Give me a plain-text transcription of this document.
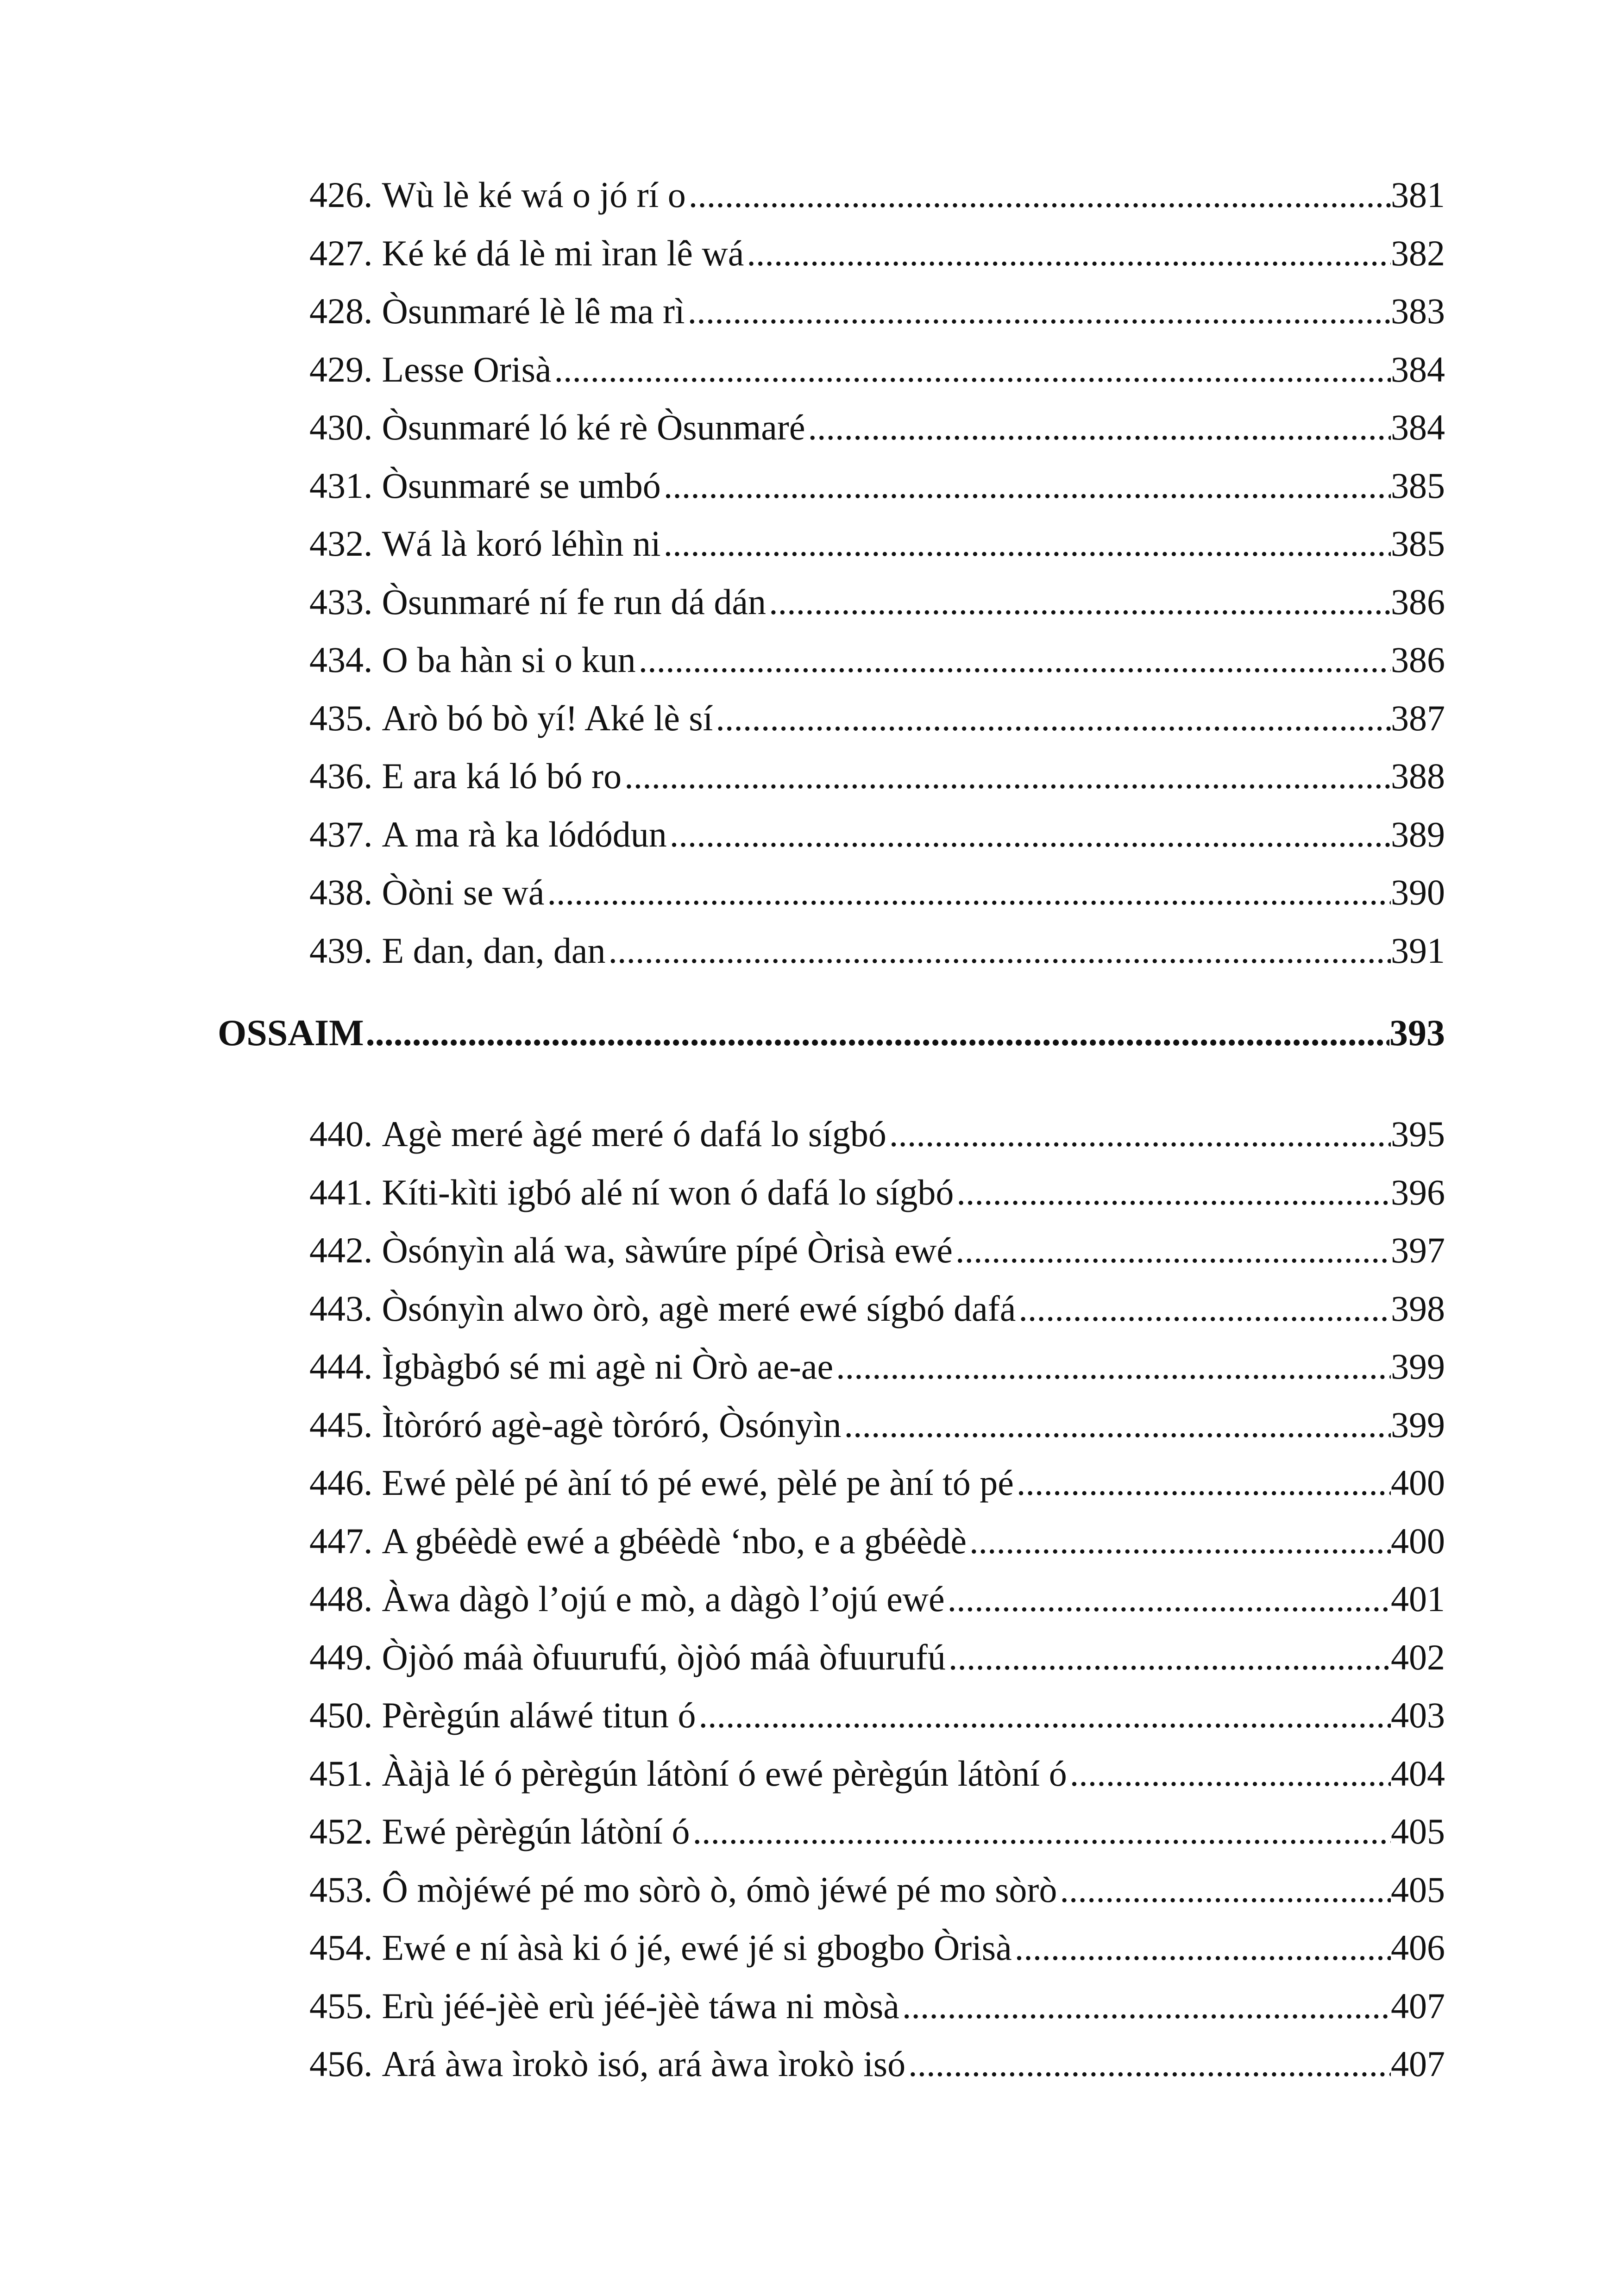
426. Wù lè ké wá o jó rí o .....	381
427. Ké ké dá lè mi ìran lê wá .....	382
428. Òsunmaré lè lê ma rì .....	383
429. Lesse Orisà .....	384
430. Òsunmaré ló ké rè Òsunmaré .....	384
431. Òsunmaré se umbó .....	385
432. Wá là koró léhìn ni .....	385
433. Òsunmaré ní fe run dá dán .....	386
434. O ba hàn si o kun .....	386
435. Arò bó bò yí! Aké lè sí .....	387
436. E ara ká ló bó ro .....	388
437. A ma rà ka lódódun .....	389
438. Òòni se wá .....	390
439. E dan, dan, dan .....	391
OSSAIM .....	393
440. Agè meré àgé meré ó dafá lo sígbó .....	395
441. Kíti-kìti igbó alé ní won ó dafá lo sígbó .....	396
442. Òsónyìn alá wa, sàwúre pípé Òrisà ewé .....	397
443. Òsónyìn alwo òrò, agè meré ewé sígbó dafá .....	398
444. Ìgbàgbó sé mi agè ni Òrò ae-ae .....	399
445. Ìtòróró agè-agè tòróró, Òsónyìn .....	399
446. Ewé pèlé pé àní tó pé ewé, pèlé pe àní tó pé .....	400
447. A gbéèdè ewé a gbéèdè ‘nbo, e a gbéèdè .....	400
448. Àwa dàgò l’ojú e mò, a dàgò l’ojú ewé .....	401
449. Òjòó máà òfuurufú, òjòó máà òfuurufú .....	402
450. Pèrègún aláwé titun ó .....	403
451. Ààjà lé ó pèrègún látòní ó ewé pèrègún látòní ó .....	404
452. Ewé pèrègún látòní ó .....	405
453. Ô mòjéwé pé mo sòrò ò, ómò jéwé pé mo sòrò .....	405
454. Ewé e ní àsà ki ó jé, ewé jé si gbogbo Òrisà .....	406
455. Erù jéé-jèè erù jéé-jèè táwa ni mòsà .....	407
456. Ará àwa ìrokò isó, ará àwa ìrokò isó .....	407
